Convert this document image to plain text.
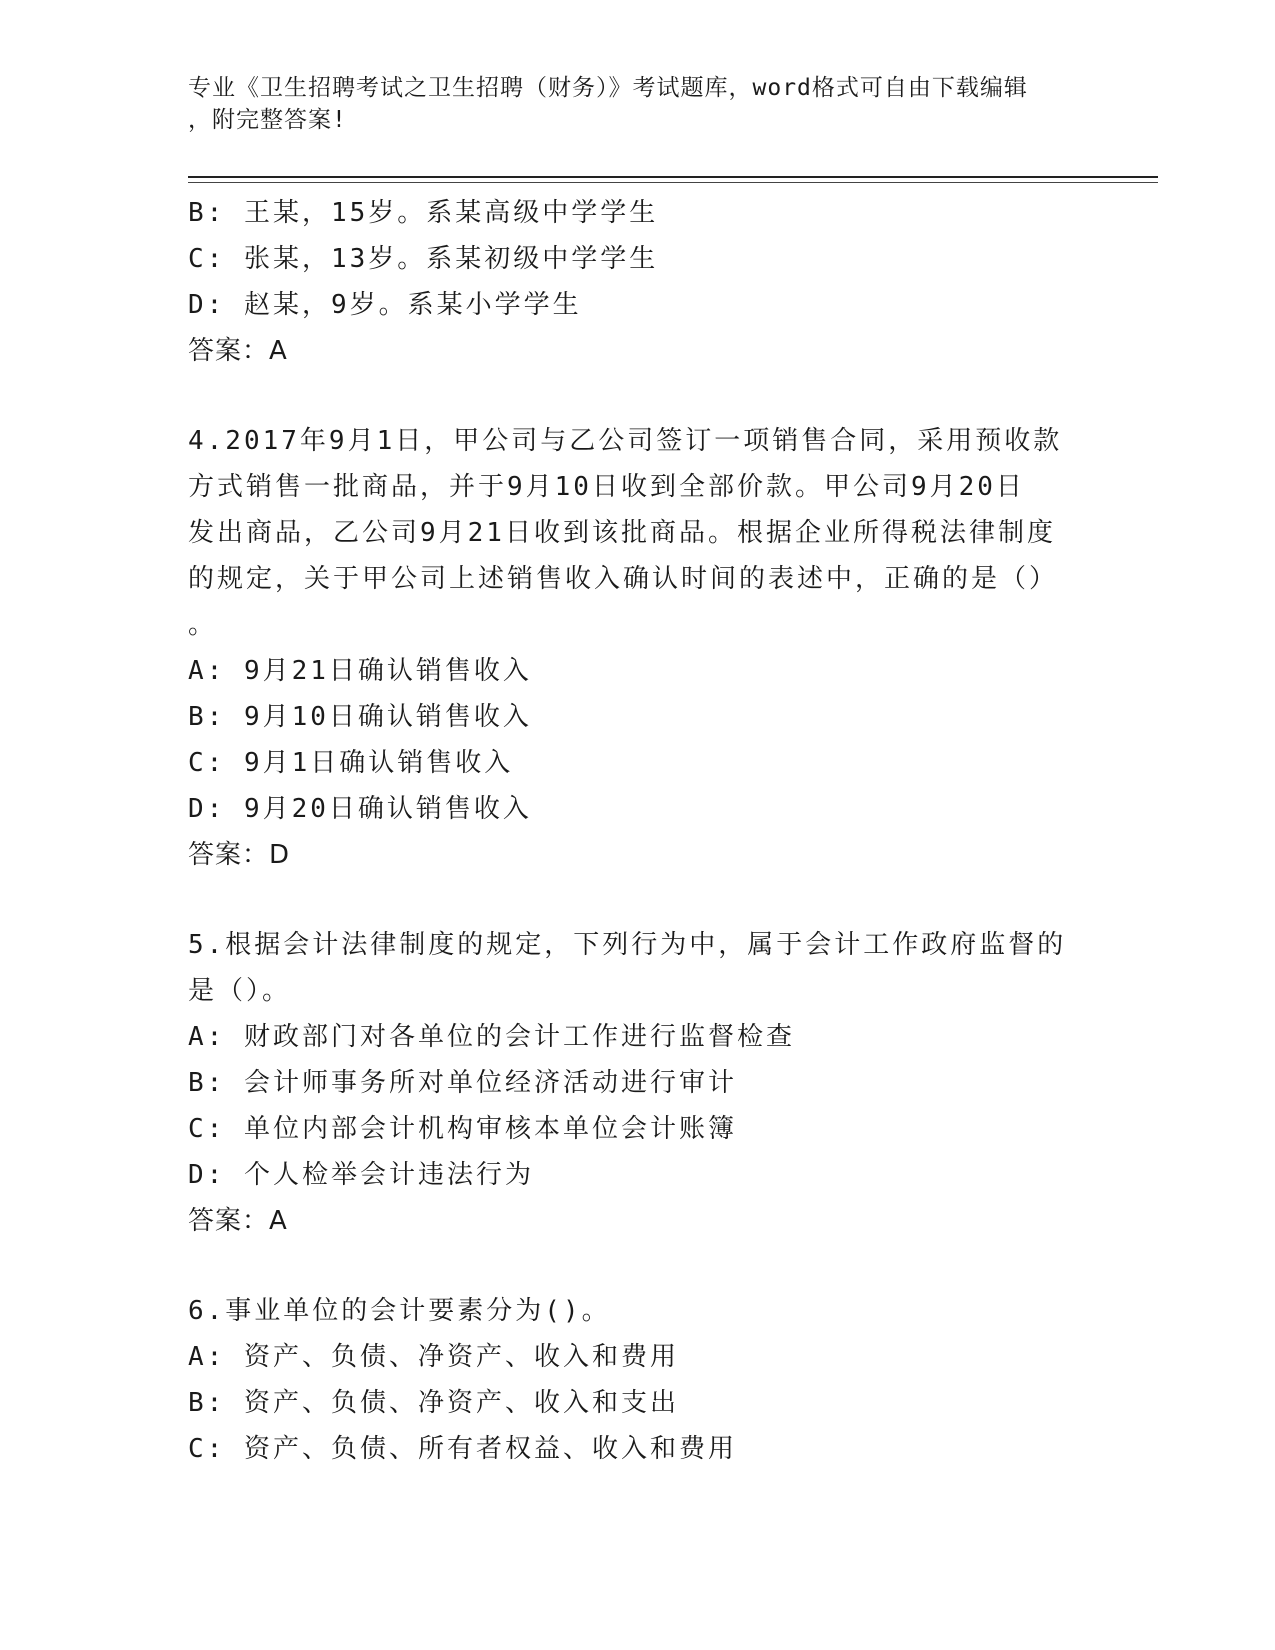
专业《卫生招聘考试之卫生招聘（财务）》考试题库，word格式可自由下载编辑
，附完整答案!
B: 王某，15岁。系某高级中学学生
C: 张某，13岁。系某初级中学学生
D: 赵某，9岁。系某小学学生
答案：A
4.2017年9月1日，甲公司与乙公司签订一项销售合同，采用预收款
方式销售一批商品，并于9月10日收到全部价款。甲公司9月20日
发出商品，乙公司9月21日收到该批商品。根据企业所得税法律制度
的规定，关于甲公司上述销售收入确认时间的表述中，正确的是（）
。
A: 9月21日确认销售收入
B: 9月10日确认销售收入
C: 9月1日确认销售收入
D: 9月20日确认销售收入
答案：D
5.根据会计法律制度的规定，下列行为中，属于会计工作政府监督的
是（）。
A: 财政部门对各单位的会计工作进行监督检查
B: 会计师事务所对单位经济活动进行审计
C: 单位内部会计机构审核本单位会计账簿
D: 个人检举会计违法行为
答案：A
6.事业单位的会计要素分为()。
A: 资产、负债、净资产、收入和费用
B: 资产、负债、净资产、收入和支出
C: 资产、负债、所有者权益、收入和费用
